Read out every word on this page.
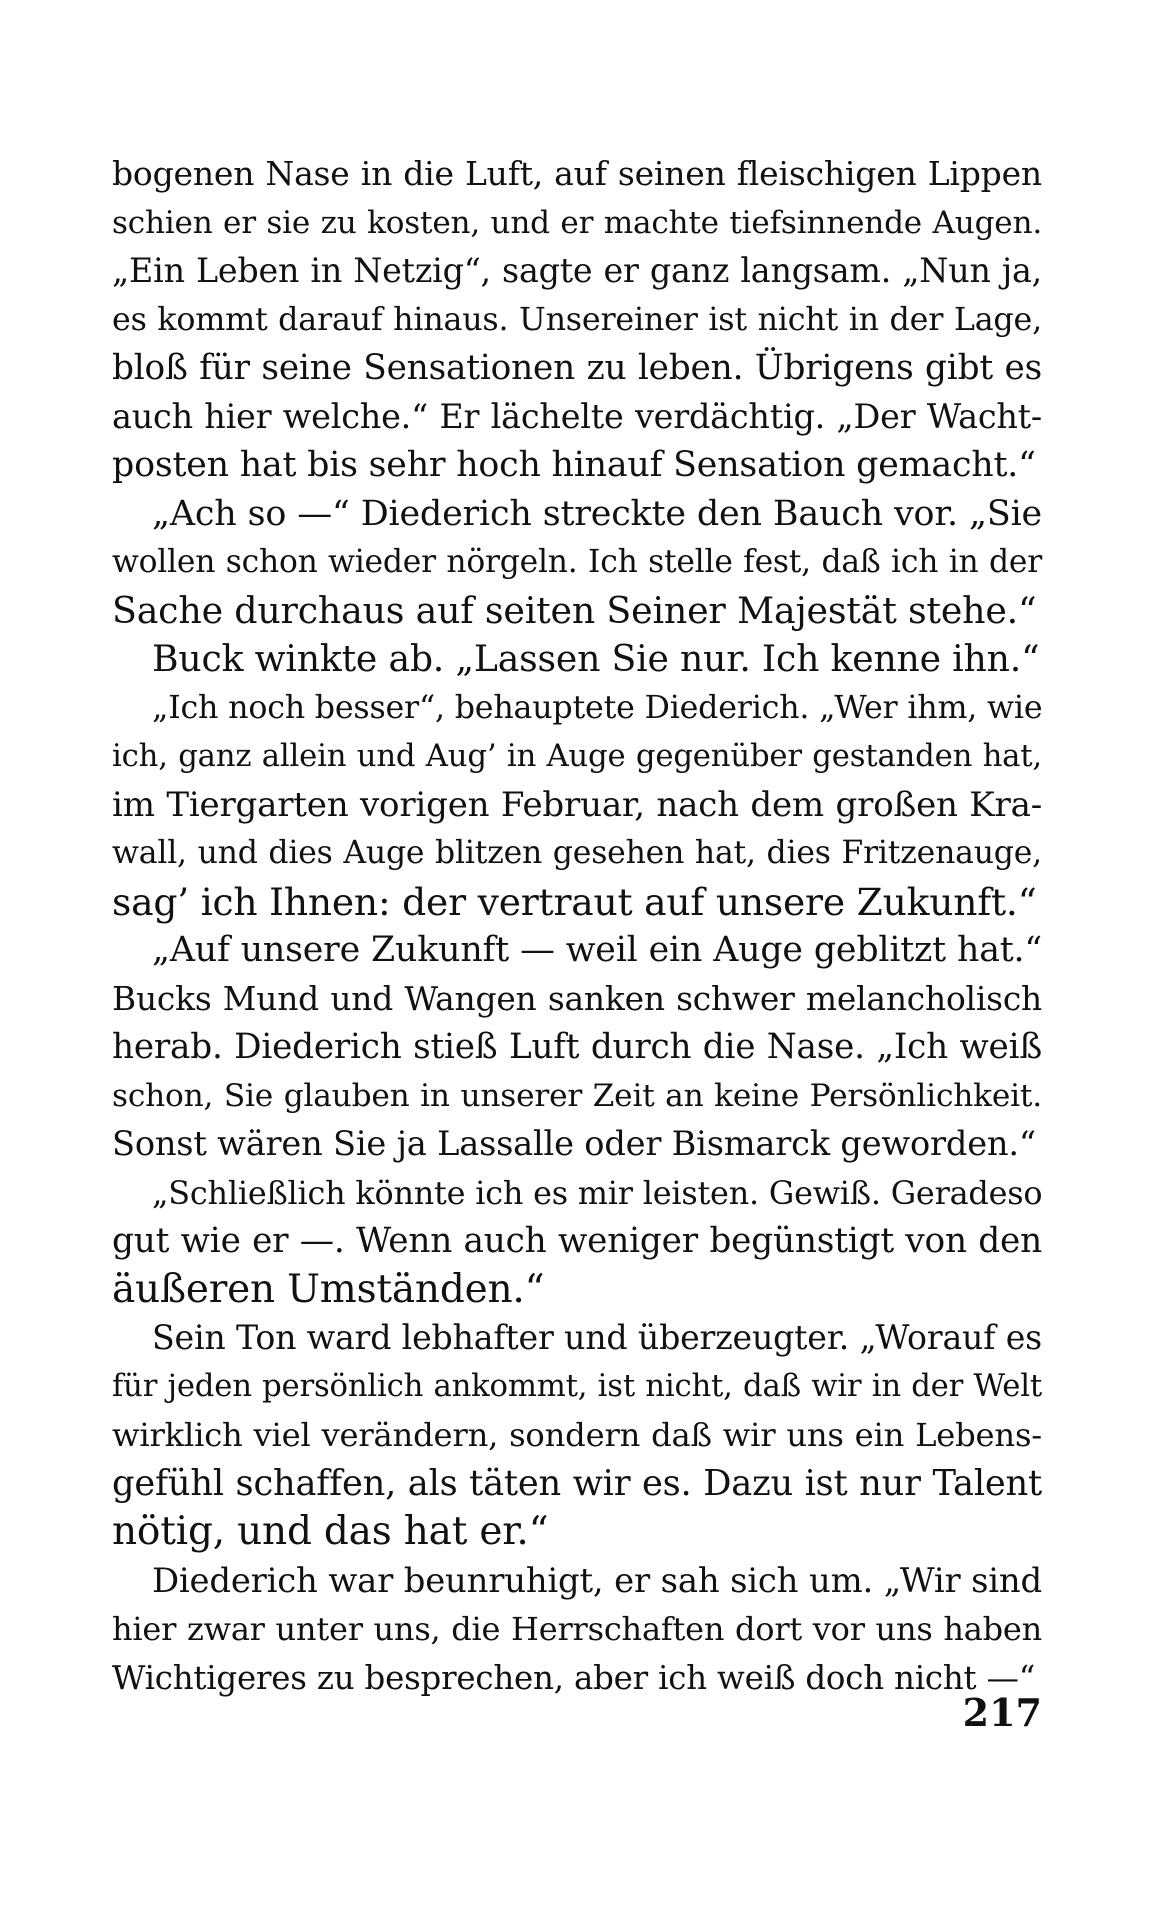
bogenen Nase in die Luft, auf seinen fleischigen Lippen
schien er sie zu kosten, und er machte tiefsinnende Augen.
„Ein Leben in Netzig“, sagte er ganz langsam. „Nun ja,
es kommt darauf hinaus. Unsereiner ist nicht in der Lage,
bloß für seine Sensationen zu leben. Übrigens gibt es
auch hier welche.“ Er lächelte verdächtig. „Der Wacht-
posten hat bis sehr hoch hinauf Sensation gemacht.“
„Ach so —“ Diederich streckte den Bauch vor. „Sie
wollen schon wieder nörgeln. Ich stelle fest, daß ich in der
Sache durchaus auf seiten Seiner Majestät stehe.“
Buck winkte ab. „Lassen Sie nur. Ich kenne ihn.“
„Ich noch besser“, behauptete Diederich. „Wer ihm, wie
ich, ganz allein und Aug’ in Auge gegenüber gestanden hat,
im Tiergarten vorigen Februar, nach dem großen Kra-
wall, und dies Auge blitzen gesehen hat, dies Fritzenauge,
sag’ ich Ihnen: der vertraut auf unsere Zukunft.“
„Auf unsere Zukunft — weil ein Auge geblitzt hat.“
Bucks Mund und Wangen sanken schwer melancholisch
herab. Diederich stieß Luft durch die Nase. „Ich weiß
schon, Sie glauben in unserer Zeit an keine Persönlichkeit.
Sonst wären Sie ja Lassalle oder Bismarck geworden.“
„Schließlich könnte ich es mir leisten. Gewiß. Geradeso
gut wie er —. Wenn auch weniger begünstigt von den
äußeren Umständen.“
Sein Ton ward lebhafter und überzeugter. „Worauf es
für jeden persönlich ankommt, ist nicht, daß wir in der Welt
wirklich viel verändern, sondern daß wir uns ein Lebens-
gefühl schaffen, als täten wir es. Dazu ist nur Talent
nötig, und das hat er.“
Diederich war beunruhigt, er sah sich um. „Wir sind
hier zwar unter uns, die Herrschaften dort vor uns haben
Wichtigeres zu besprechen, aber ich weiß doch nicht —“
217
